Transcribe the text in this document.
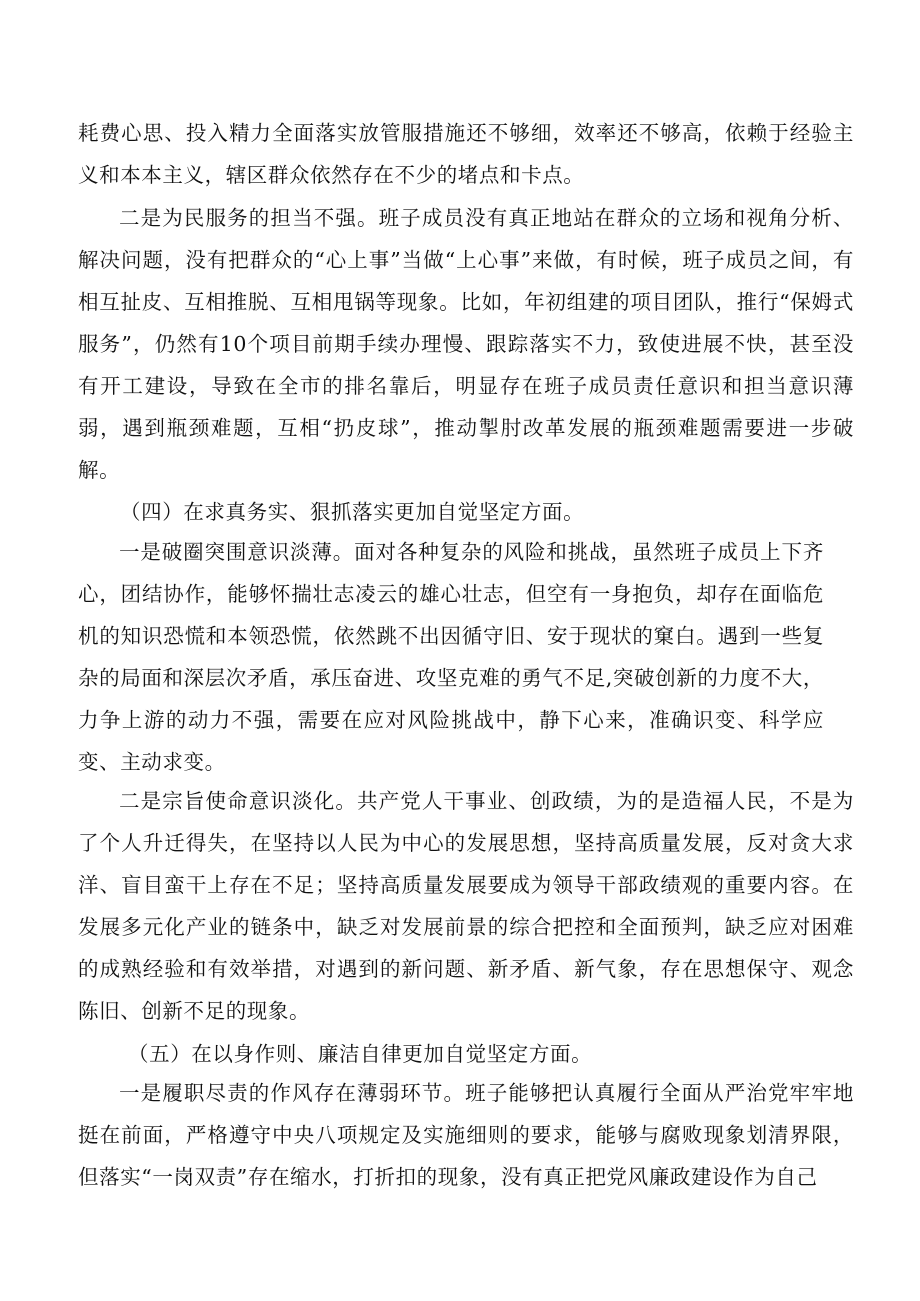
耗费心思、投入精力全面落实放管服措施还不够细，效率还不够高，依赖于经验主义和本本主义，辖区群众依然存在不少的堵点和卡点。

二是为民服务的担当不强。班子成员没有真正地站在群众的立场和视角分析、解决问题，没有把群众的“心上事”当做“上心事”来做，有时候，班子成员之间，有相互扯皮、互相推脱、互相甩锅等现象。比如，年初组建的项目团队，推行“保姆式服务”，仍然有10个项目前期手续办理慢、跟踪落实不力，致使进展不快，甚至没有开工建设，导致在全市的排名靠后，明显存在班子成员责任意识和担当意识薄弱，遇到瓶颈难题，互相“扔皮球”，推动掣肘改革发展的瓶颈难题需要进一步破解。

（四）在求真务实、狠抓落实更加自觉坚定方面。

一是破圈突围意识淡薄。面对各种复杂的风险和挑战，虽然班子成员上下齐心，团结协作，能够怀揣壮志凌云的雄心壮志，但空有一身抱负，却存在面临危机的知识恐慌和本领恐慌，依然跳不出因循守旧、安于现状的窠白。遇到一些复杂的局面和深层次矛盾，承压奋进、攻坚克难的勇气不足,突破创新的力度不大，力争上游的动力不强，需要在应对风险挑战中，静下心来，准确识变、科学应变、主动求变。

二是宗旨使命意识淡化。共产党人干事业、创政绩，为的是造福人民，不是为了个人升迁得失，在坚持以人民为中心的发展思想，坚持高质量发展，反对贪大求洋、盲目蛮干上存在不足；坚持高质量发展要成为领导干部政绩观的重要内容。在发展多元化产业的链条中，缺乏对发展前景的综合把控和全面预判，缺乏应对困难的成熟经验和有效举措，对遇到的新问题、新矛盾、新气象，存在思想保守、观念陈旧、创新不足的现象。

（五）在以身作则、廉洁自律更加自觉坚定方面。

一是履职尽责的作风存在薄弱环节。班子能够把认真履行全面从严治党牢牢地挺在前面，严格遵守中央八项规定及实施细则的要求，能够与腐败现象划清界限，但落实“一岗双责”存在缩水，打折扣的现象，没有真正把党风廉政建设作为自己
